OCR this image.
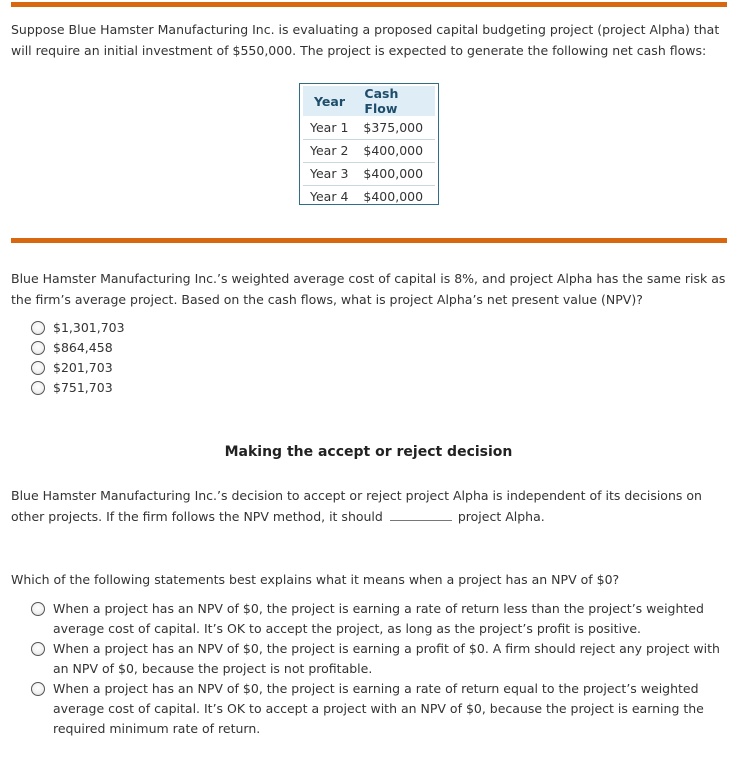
Suppose Blue Hamster Manufacturing Inc. is evaluating a proposed capital budgeting project (project Alpha) that will require an initial investment of $550,000. The project is expected to generate the following net cash flows:

Year	Cash Flow
Year 1	$375,000
Year 2	$400,000
Year 3	$400,000
Year 4	$400,000

Blue Hamster Manufacturing Inc.’s weighted average cost of capital is 8%, and project Alpha has the same risk as the firm’s average project. Based on the cash flows, what is project Alpha’s net present value (NPV)?

$1,301,703
$864,458
$201,703
$751,703
Making the accept or reject decision

Blue Hamster Manufacturing Inc.’s decision to accept or reject project Alpha is independent of its decisions on other projects. If the firm follows the NPV method, it should	project Alpha.

Which of the following statements best explains what it means when a project has an NPV of $0?

When a project has an NPV of $0, the project is earning a rate of return less than the project’s weighted average cost of capital. It’s OK to accept the project, as long as the project’s profit is positive.
When a project has an NPV of $0, the project is earning a profit of $0. A firm should reject any project with an NPV of $0, because the project is not profitable.
When a project has an NPV of $0, the project is earning a rate of return equal to the project’s weighted average cost of capital. It’s OK to accept a project with an NPV of $0, because the project is earning the required minimum rate of return.
